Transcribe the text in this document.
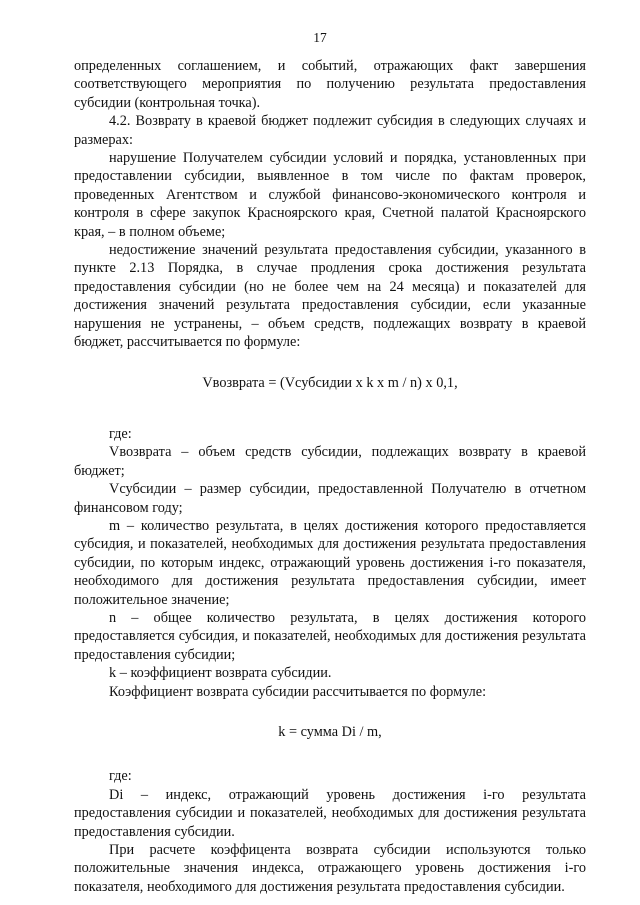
17

определенных соглашением, и событий, отражающих факт завершения соответствующего мероприятия по получению результата предоставления субсидии (контрольная точка).

4.2. Возврату в краевой бюджет подлежит субсидия в следующих случаях и размерах:

нарушение Получателем субсидии условий и порядка, установленных при предоставлении субсидии, выявленное в том числе по фактам проверок, проведенных Агентством и службой финансово-экономического контроля и контроля в сфере закупок Красноярского края, Счетной палатой Красноярского края, – в полном объеме;

недостижение значений результата предоставления субсидии, указанного в пункте 2.13 Порядка, в случае продления срока достижения результата предоставления субсидии (но не более чем на 24 месяца) и показателей для достижения значений результата предоставления субсидии, если указанные нарушения не устранены, – объем средств, подлежащих возврату в краевой бюджет, рассчитывается по формуле:

Vвозврата = (Vсубсидии x k x m / n) x 0,1,

где:

Vвозврата – объем средств субсидии, подлежащих возврату в краевой бюджет;

Vсубсидии – размер субсидии, предоставленной Получателю в отчетном финансовом году;

m – количество результата, в целях достижения которого предоставляется субсидия, и показателей, необходимых для достижения результата предоставления субсидии, по которым индекс, отражающий уровень достижения i-го показателя, необходимого для достижения результата предоставления субсидии, имеет положительное значение;

n – общее количество результата, в целях достижения которого предоставляется субсидия, и показателей, необходимых для достижения результата предоставления субсидии;

k – коэффициент возврата субсидии.

Коэффициент возврата субсидии рассчитывается по формуле:

k = сумма Di / m,

где:

Di – индекс, отражающий уровень достижения i-го результата предоставления субсидии и показателей, необходимых для достижения результата предоставления субсидии.

При расчете коэффицента возврата субсидии используются только положительные значения индекса, отражающего уровень достижения i-го показателя, необходимого для достижения результата предоставления субсидии.
